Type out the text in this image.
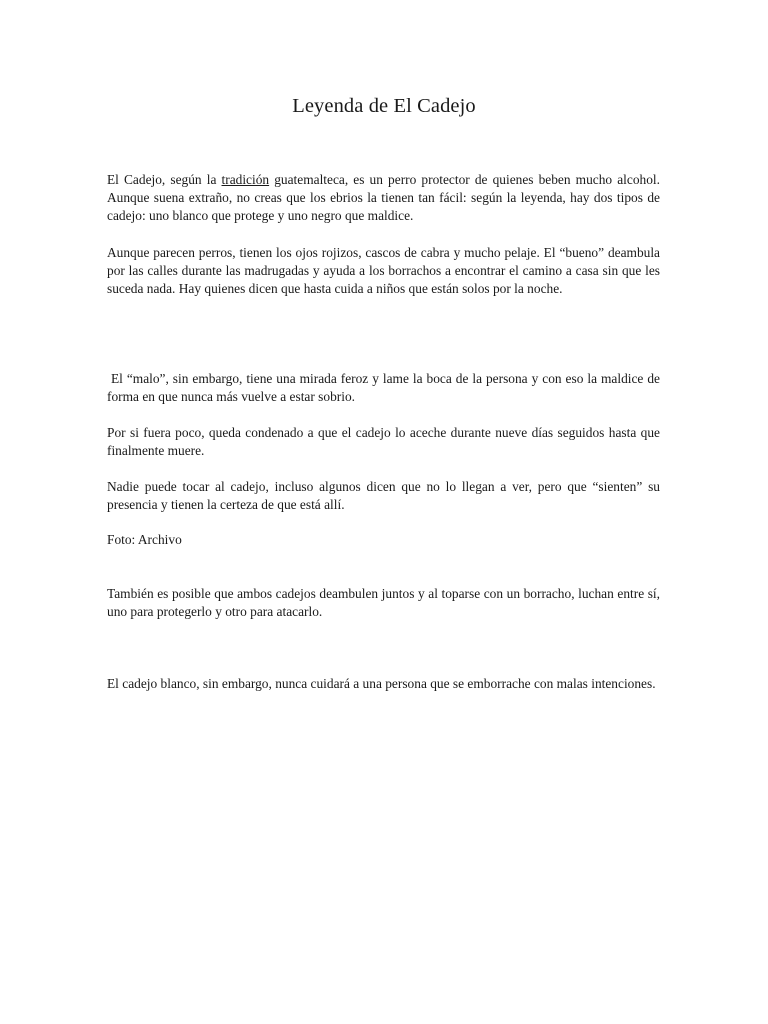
Leyenda de El Cadejo

El Cadejo, según la tradición guatemalteca, es un perro protector de quienes beben mucho alcohol. Aunque suena extraño, no creas que los ebrios la tienen tan fácil: según la leyenda, hay dos tipos de cadejo: uno blanco que protege y uno negro que maldice.

Aunque parecen perros, tienen los ojos rojizos, cascos de cabra y mucho pelaje. El “bueno” deambula por las calles durante las madrugadas y ayuda a los borrachos a encontrar el camino a casa sin que les suceda nada. Hay quienes dicen que hasta cuida a niños que están solos por la noche.

El “malo”, sin embargo, tiene una mirada feroz y lame la boca de la persona y con eso la maldice de forma en que nunca más vuelve a estar sobrio.

Por si fuera poco, queda condenado a que el cadejo lo aceche durante nueve días seguidos hasta que finalmente muere.

Nadie puede tocar al cadejo, incluso algunos dicen que no lo llegan a ver, pero que “sienten” su presencia y tienen la certeza de que está allí.

Foto: Archivo

También es posible que ambos cadejos deambulen juntos y al toparse con un borracho, luchan entre sí, uno para protegerlo y otro para atacarlo.

El cadejo blanco, sin embargo, nunca cuidará a una persona que se emborrache con malas intenciones.
